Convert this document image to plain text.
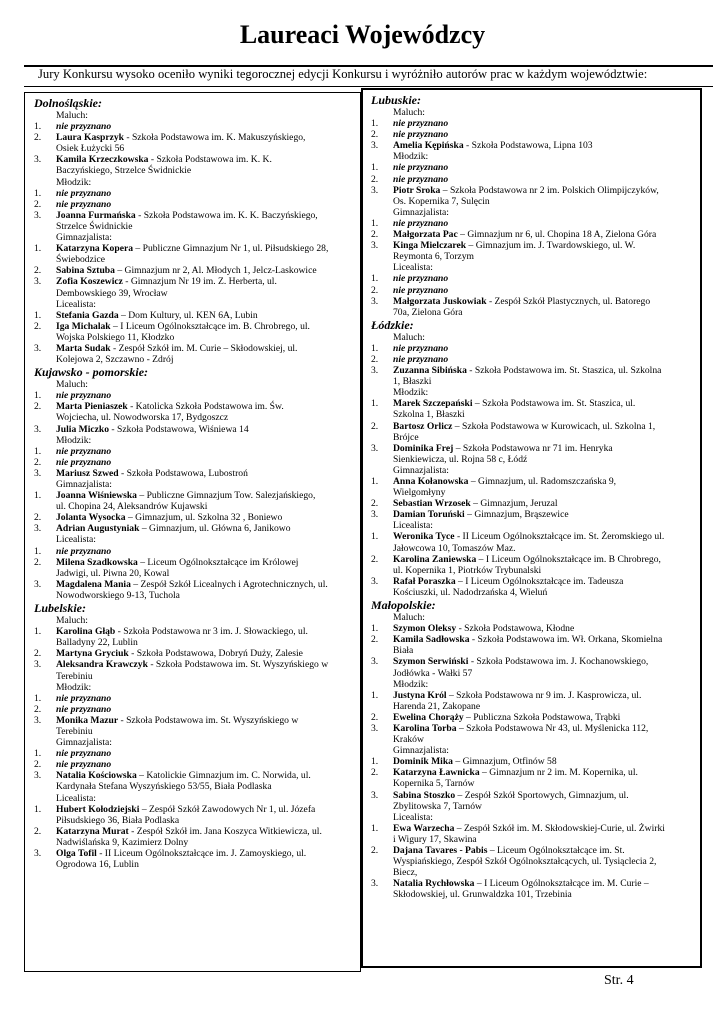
Laureaci Wojewódzcy
Jury Konkursu wysoko oceniło wyniki tegorocznej edycji Konkursu i wyróżniło autorów prac w każdym województwie:
Dolnośląskie:
Maluch:
1.	nie przyznano
2.	Laura Kasprzyk - Szkoła Podstawowa im. K. Makuszyńskiego,
Osiek Łużycki 56
3.	Kamila Krzeczkowska - Szkoła Podstawowa im. K. K.
Baczyńskiego, Strzelce Świdnickie
Młodzik:
1.	nie przyznano
2.	nie przyznano
3.	Joanna Furmańska - Szkoła Podstawowa im. K. K. Baczyńskiego,
Strzelce Świdnickie
Gimnazjalista:
1.	Katarzyna Kopera – Publiczne Gimnazjum Nr 1, ul. Piłsudskiego 28,
Świebodzice
2.	Sabina Sztuba – Gimnazjum nr 2, Al. Młodych 1, Jelcz-Laskowice
3.	Zofia Koszewicz - Gimnazjum Nr 19 im. Z. Herberta, ul.
Dembowskiego 39, Wrocław
Licealista:
1.	Stefania Gazda – Dom Kultury, ul. KEN 6A, Lubin
2.	Iga Michalak – I Liceum Ogólnokształcące im. B. Chrobrego, ul.
Wojska Polskiego 11, Kłodzko
3.	Marta Sudak - Zespół Szkół im. M. Curie – Skłodowskiej, ul.
Kolejowa 2, Szczawno - Zdrój
Kujawsko - pomorskie:
Maluch:
1.	nie przyznano
2.	Marta Pieniaszek - Katolicka Szkoła Podstawowa im. Św.
Wojciecha, ul. Nowodworska 17, Bydgoszcz
3.	Julia Miczko - Szkoła Podstawowa, Wiśniewa 14
Młodzik:
1.	nie przyznano
2.	nie przyznano
3.	Mariusz Szwed - Szkoła Podstawowa, Lubostroń
Gimnazjalista:
1.	Joanna Wiśniewska – Publiczne Gimnazjum Tow. Salezjańskiego,
ul. Chopina 24, Aleksandrów Kujawski
2.	Jolanta Wysocka – Gimnazjum, ul. Szkolna 32 , Boniewo
3.	Adrian Augustyniak – Gimnazjum, ul. Główna 6, Janikowo
Licealista:
1.	nie przyznano
2.	Milena Szadkowska – Liceum Ogólnokształcące im Królowej
Jadwigi, ul. Piwna 20, Kowal
3.	Magdalena Mania – Zespół Szkół Licealnych i Agrotechnicznych, ul.
Nowodworskiego 9-13, Tuchola
Lubelskie:
Maluch:
1.	Karolina Głąb - Szkoła Podstawowa nr 3 im. J. Słowackiego, ul.
Balladyny 22, Lublin
2.	Martyna Gryciuk - Szkoła Podstawowa, Dobryń Duży, Zalesie
3.	Aleksandra Krawczyk - Szkoła Podstawowa im. St. Wyszyńskiego w
Terebiniu
Młodzik:
1.	nie przyznano
2.	nie przyznano
3.	Monika Mazur - Szkoła Podstawowa im. St. Wyszyńskiego w
Terebiniu
Gimnazjalista:
1.	nie przyznano
2.	nie przyznano
3.	Natalia Kościowska – Katolickie Gimnazjum im. C. Norwida, ul.
Kardynała Stefana Wyszyńskiego 53/55, Biała Podlaska
Licealista:
1.	Hubert Kołodziejski – Zespół Szkół Zawodowych Nr 1, ul. Józefa
Piłsudskiego 36, Biała Podlaska
2.	Katarzyna Murat - Zespół Szkół im. Jana Koszyca Witkiewicza, ul.
Nadwiślańska 9, Kazimierz Dolny
3.	Olga Tofil - II Liceum Ogólnokształcące im. J. Zamoyskiego, ul.
Ogrodowa 16, Lublin
Lubuskie:
Maluch:
1.	nie przyznano
2.	nie przyznano
3.	Amelia Kępińska - Szkoła Podstawowa, Lipna 103
Młodzik:
1.	nie przyznano
2.	nie przyznano
3.	Piotr Sroka – Szkoła Podstawowa nr 2 im. Polskich Olimpijczyków,
Os. Kopernika 7, Sulęcin
Gimnazjalista:
1.	nie przyznano
2.	Małgorzata Pac – Gimnazjum nr 6, ul. Chopina 18 A, Zielona Góra
3.	Kinga Mielczarek – Gimnazjum im. J. Twardowskiego, ul. W.
Reymonta 6, Torzym
Licealista:
1.	nie przyznano
2.	nie przyznano
3.	Małgorzata Juskowiak - Zespół Szkół Plastycznych, ul. Batorego
70a, Zielona Góra
Łódzkie:
Maluch:
1.	nie przyznano
2.	nie przyznano
3.	Zuzanna Sibińska - Szkoła Podstawowa im. St. Staszica, ul. Szkolna
1, Błaszki
Młodzik:
1.	Marek Szczepański – Szkoła Podstawowa im. St. Staszica, ul.
Szkolna 1, Błaszki
2.	Bartosz Orlicz – Szkoła Podstawowa w Kurowicach, ul. Szkolna 1,
Brójce
3.	Dominika Frej – Szkoła Podstawowa nr 71 im. Henryka
Sienkiewicza, ul. Rojna 58 c, Łódź
Gimnazjalista:
1.	Anna Kołanowska – Gimnazjum, ul. Radomszczańska 9,
Wielgomłyny
2.	Sebastian Wrzosek – Gimnazjum, Jeruzal
3.	Damian Toruński – Gimnazjum, Brąszewice
Licealista:
1.	Weronika Tyce - II Liceum Ogólnokształcące im. St. Żeromskiego ul.
Jałowcowa 10, Tomaszów Maz.
2.	Karolina Zaniewska – I Liceum Ogólnokształcące im. B Chrobrego,
ul. Kopernika 1, Piotrków Trybunalski
3.	Rafał Poraszka – I Liceum Ogólnokształcące im. Tadeusza
Kościuszki, ul. Nadodrzańska 4, Wieluń
Małopolskie:
Maluch:
1.	Szymon Oleksy - Szkoła Podstawowa, Kłodne
2.	Kamila Sadłowska - Szkoła Podstawowa im. Wł. Orkana, Skomielna
Biała
3.	Szymon Serwiński - Szkoła Podstawowa im. J. Kochanowskiego,
Jodłówka - Wałki 57
Młodzik:
1.	Justyna Król – Szkoła Podstawowa nr 9 im. J. Kasprowicza, ul.
Harenda 21, Zakopane
2.	Ewelina Chorąży – Publiczna Szkoła Podstawowa, Trąbki
3.	Karolina Torba – Szkoła Podstawowa Nr 43, ul. Myślenicka 112,
Kraków
Gimnazjalista:
1.	Dominik Mika – Gimnazjum, Otfinów 58
2.	Katarzyna Ławnicka – Gimnazjum nr 2 im. M. Kopernika, ul.
Kopernika 5, Tarnów
3.	Sabina Stoszko – Zespół Szkół Sportowych, Gimnazjum, ul.
Zbylitowska 7, Tarnów
Licealista:
1.	Ewa Warzecha – Zespół Szkół im. M. Skłodowskiej-Curie, ul. Żwirki
i Wigury 17, Skawina
2.	Dajana Tavares - Pabis – Liceum Ogólnokształcące im. St.
Wyspiańskiego, Zespół Szkół Ogólnokształcących, ul. Tysiąclecia 2,
Biecz,
3.	Natalia Rychłowska – I Liceum Ogólnokształcące im. M. Curie –
Skłodowskiej, ul. Grunwaldzka 101, Trzebinia
Str. 4
